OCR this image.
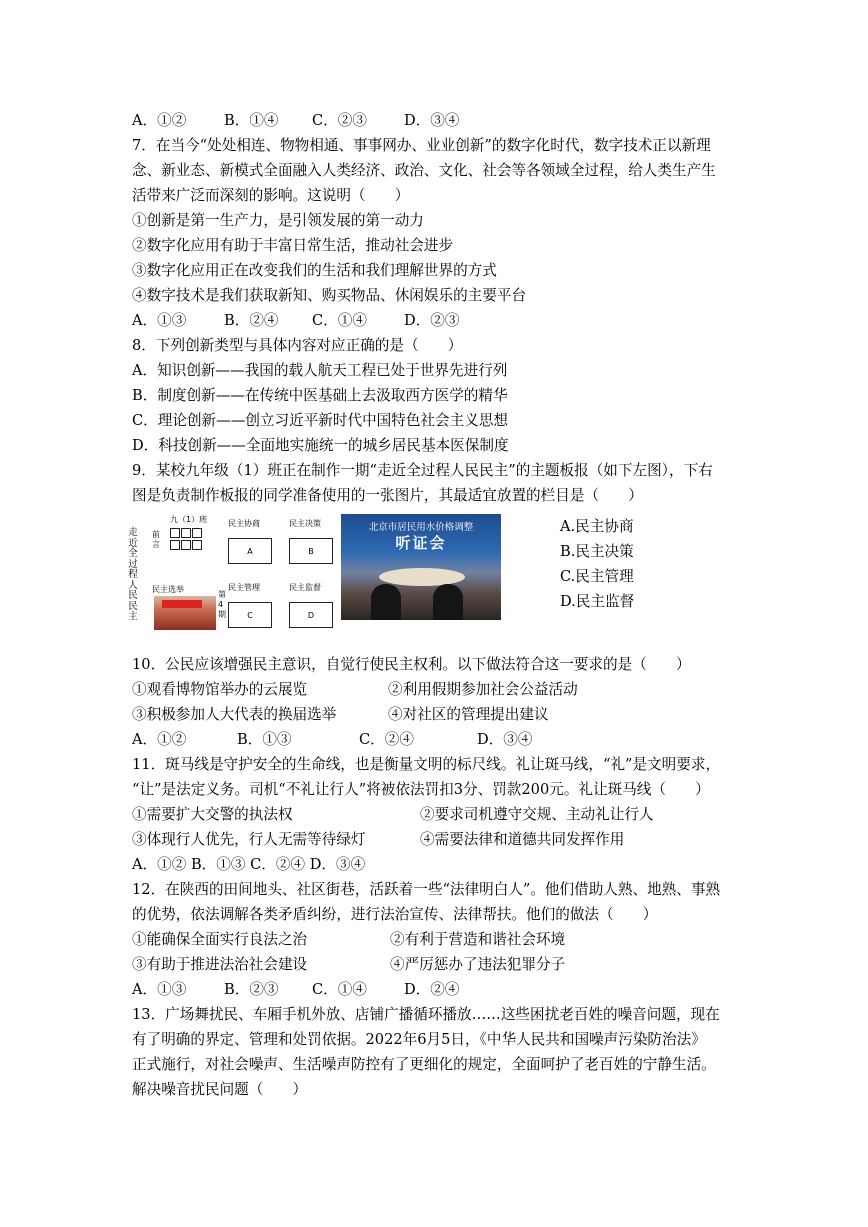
A．①②	B．①④	C．②③	D．③④
7．在当今“处处相连、物物相通、事事网办、业业创新”的数字化时代，数字技术正以新理
念、新业态、新模式全面融入人类经济、政治、文化、社会等各领域全过程，给人类生产生
活带来广泛而深刻的影响。这说明（　　）
①创新是第一生产力，是引领发展的第一动力
②数字化应用有助于丰富日常生活，推动社会进步
③数字化应用正在改变我们的生活和我们理解世界的方式
④数字技术是我们获取新知、购买物品、休闲娱乐的主要平台
A．①③	B．②④	C．①④	D．②③
8．下列创新类型与具体内容对应正确的是（　　）
A．知识创新——我国的载人航天工程已处于世界先进行列
B．制度创新——在传统中医基础上去汲取西方医学的精华
C．理论创新——创立习近平新时代中国特色社会主义思想
D．科技创新——全面地实施统一的城乡居民基本医保制度
9．某校九年级（1）班正在制作一期“走近全过程人民民主”的主题板报（如下左图），下右
图是负责制作板报的同学准备使用的一张图片，其最适宜放置的栏目是（　　）
走近全过程人民民主
九（1）班
前言
民主协商
A
民主决策
B
民主管理
C
民主监督
D
民主选举
第4期
北京市居民用水价格调整
听证会
A.民主协商
B.民主决策
C.民主管理
D.民主监督
10．公民应该增强民主意识，自觉行使民主权利。以下做法符合这一要求的是（　　）
①观看博物馆举办的云展览	②利用假期参加社会公益活动
③积极参加人大代表的换届选举	④对社区的管理提出建议
A．①②	B．①③	C．②④	D．③④
11．斑马线是守护安全的生命线，也是衡量文明的标尺线。礼让斑马线，“礼”是文明要求，
“让”是法定义务。司机“不礼让行人”将被依法罚扣3分、罚款200元。礼让斑马线（　　）
①需要扩大交警的执法权	②要求司机遵守交规、主动礼让行人
③体现行人优先，行人无需等待绿灯	④需要法律和道德共同发挥作用
A．①② B．①③ C．②④ D．③④
12．在陕西的田间地头、社区街巷，活跃着一些“法律明白人”。他们借助人熟、地熟、事熟
的优势，依法调解各类矛盾纠纷，进行法治宣传、法律帮扶。他们的做法（　　）
①能确保全面实行良法之治	②有利于营造和谐社会环境
③有助于推进法治社会建设	④严厉惩办了违法犯罪分子
A．①③	B．②③	C．①④	D．②④
13．广场舞扰民、车厢手机外放、店铺广播循环播放……这些困扰老百姓的噪音问题，现在
有了明确的界定、管理和处罚依据。2022年6月5日，《中华人民共和国噪声污染防治法》
正式施行，对社会噪声、生活噪声防控有了更细化的规定，全面呵护了老百姓的宁静生活。
解决噪音扰民问题（　　）
